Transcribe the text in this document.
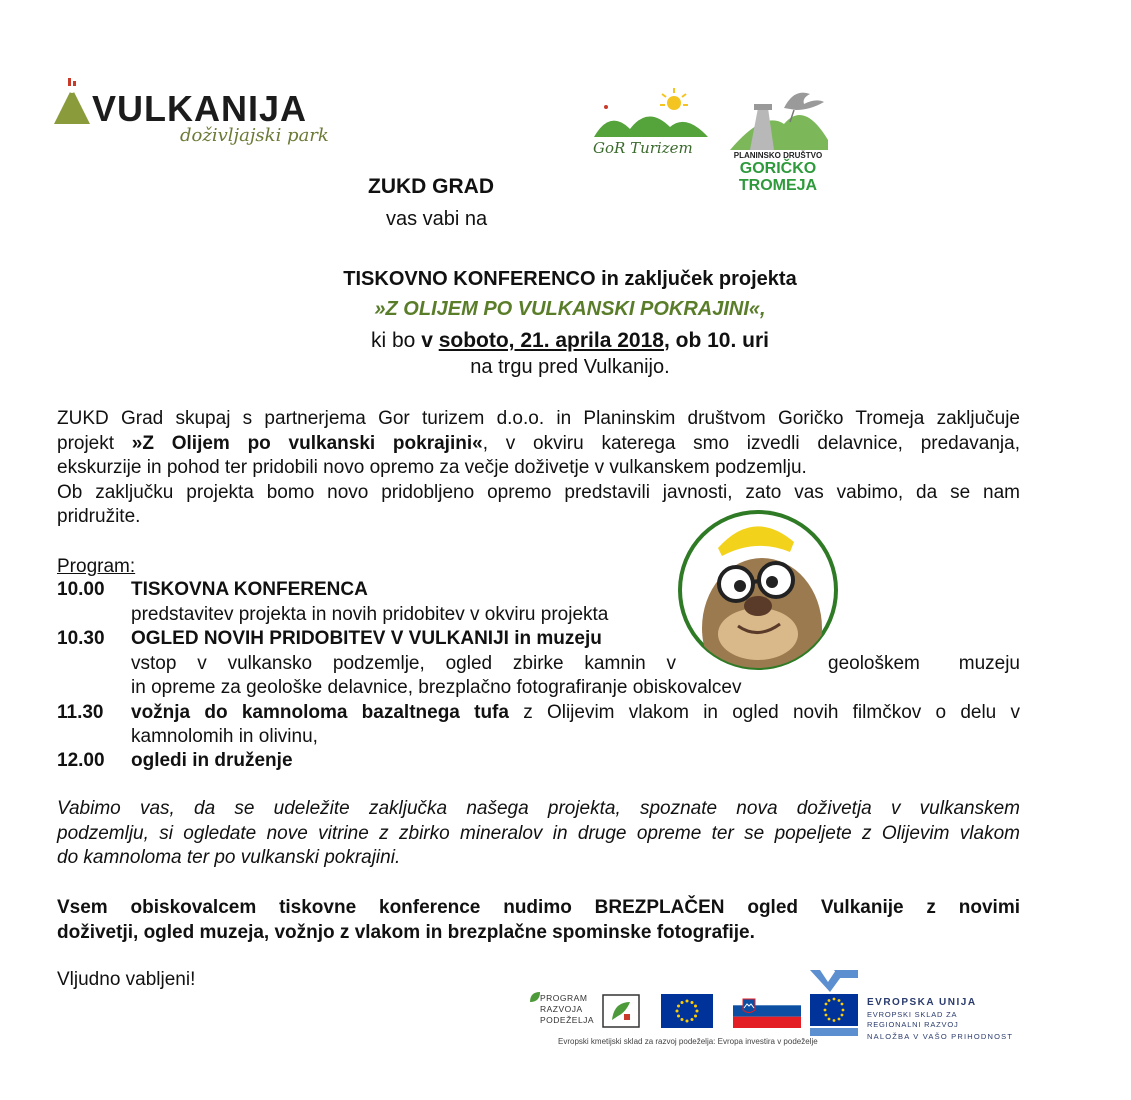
VULKANIJA
doživljajski park
GoR Turizem	PLANINSKO DRUŠTVO
GORIČKO
TROMEJA
ZUKD GRAD
vas vabi na
TISKOVNO KONFERENCO in zaključek projekta
»Z OLIJEM PO VULKANSKI POKRAJINI«,
ki bo v soboto, 21. aprila 2018, ob 10. uri
na trgu pred Vulkanijo.
ZUKD Grad skupaj s partnerjema Gor turizem d.o.o. in Planinskim društvom Goričko Tromeja zaključuje
projekt »Z Olijem po vulkanski pokrajini«, v okviru katerega smo izvedli delavnice, predavanja,
ekskurzije in pohod ter pridobili novo opremo za večje doživetje v vulkanskem podzemlju.
Ob zaključku projekta bomo novo pridobljeno opremo predstavili javnosti, zato vas vabimo, da se nam
pridružite.
Program:
10.00 TISKOVNA KONFERENCA
predstavitev projekta in novih pridobitev v okviru projekta
10.30 OGLED NOVIH PRIDOBITEV V VULKANIJI in muzeju
vstop v vulkansko podzemlje, ogled zbirke kamnin v	geološkem muzeju
in opreme za geološke delavnice, brezplačno fotografiranje obiskovalcev
11.30 vožnja do kamnoloma bazaltnega tufa z Olijevim vlakom in ogled novih filmčkov o delu v
kamnolomih in olivinu,
12.00 ogledi in druženje
Vabimo vas, da se udeležite zaključka našega projekta, spoznate nova doživetja v vulkanskem
podzemlju, si ogledate nove vitrine z zbirko mineralov in druge opreme ter se popeljete z Olijevim vlakom
do kamnoloma ter po vulkanski pokrajini.
Vsem obiskovalcem tiskovne konference nudimo BREZPLAČEN ogled Vulkanije z novimi
doživetji, ogled muzeja, vožnjo z vlakom in brezplačne spominske fotografije.
Vljudno vabljeni!
PROGRAM
RAZVOJA
PODEŽELJA
EVROPSKA UNIJA
EVROPSKI SKLAD ZA
REGIONALNI RAZVOJ
NALOŽBA V VAŠO PRIHODNOST
Evropski kmetijski sklad za razvoj podeželja: Evropa investira v podeželje
